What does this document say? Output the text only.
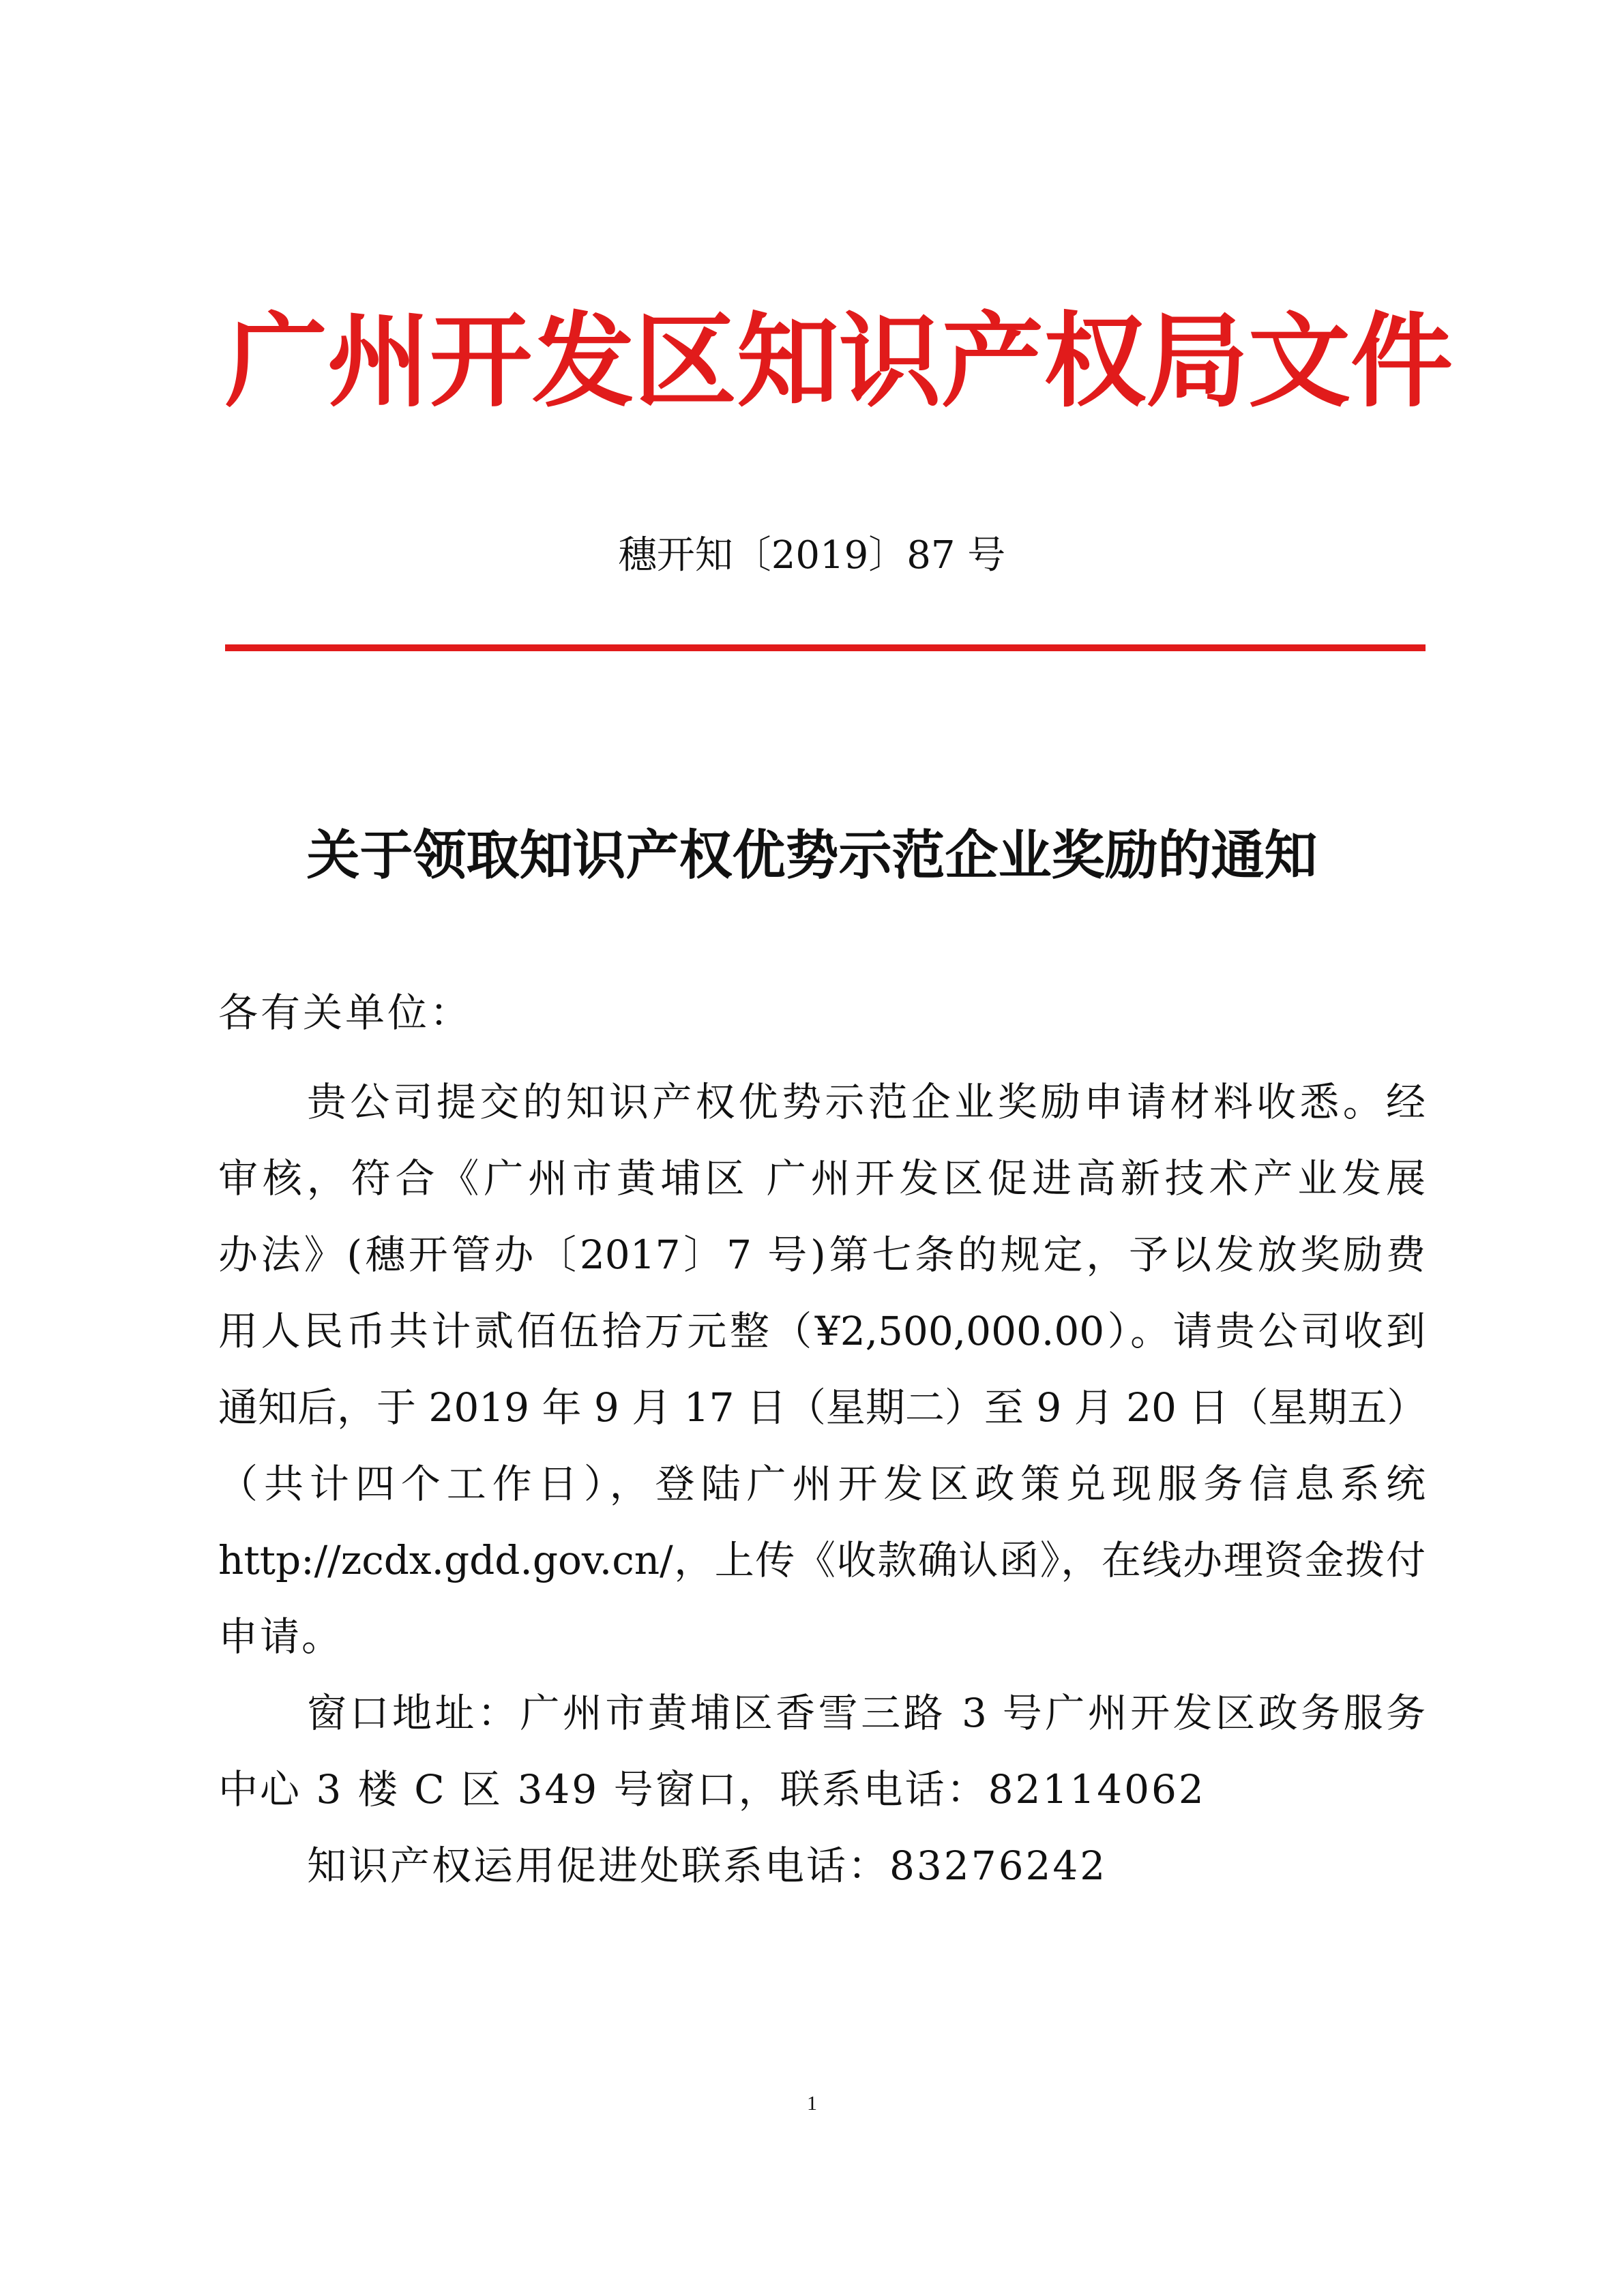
广州开发区知识产权局文件
穗开知〔2019〕87 号
关于领取知识产权优势示范企业奖励的通知
各有关单位：
贵公司提交的知识产权优势示范企业奖励申请材料收悉。经
审核，符合《广州市黄埔区 广州开发区促进高新技术产业发展
办法》(穗开管办〔2017〕7 号)第七条的规定，予以发放奖励费
用人民币共计贰佰伍拾万元整（¥2,500,000.00）。请贵公司收到
通知后，于 2019 年 9 月 17 日（星期二）至 9 月 20 日（星期五）
（共计四个工作日），登陆广州开发区政策兑现服务信息系统
http://zcdx.gdd.gov.cn/，上传《收款确认函》，在线办理资金拨付
申请。
窗口地址：广州市黄埔区香雪三路 3 号广州开发区政务服务
中心 3 楼 C 区 349 号窗口，联系电话：82114062
知识产权运用促进处联系电话：83276242
1
